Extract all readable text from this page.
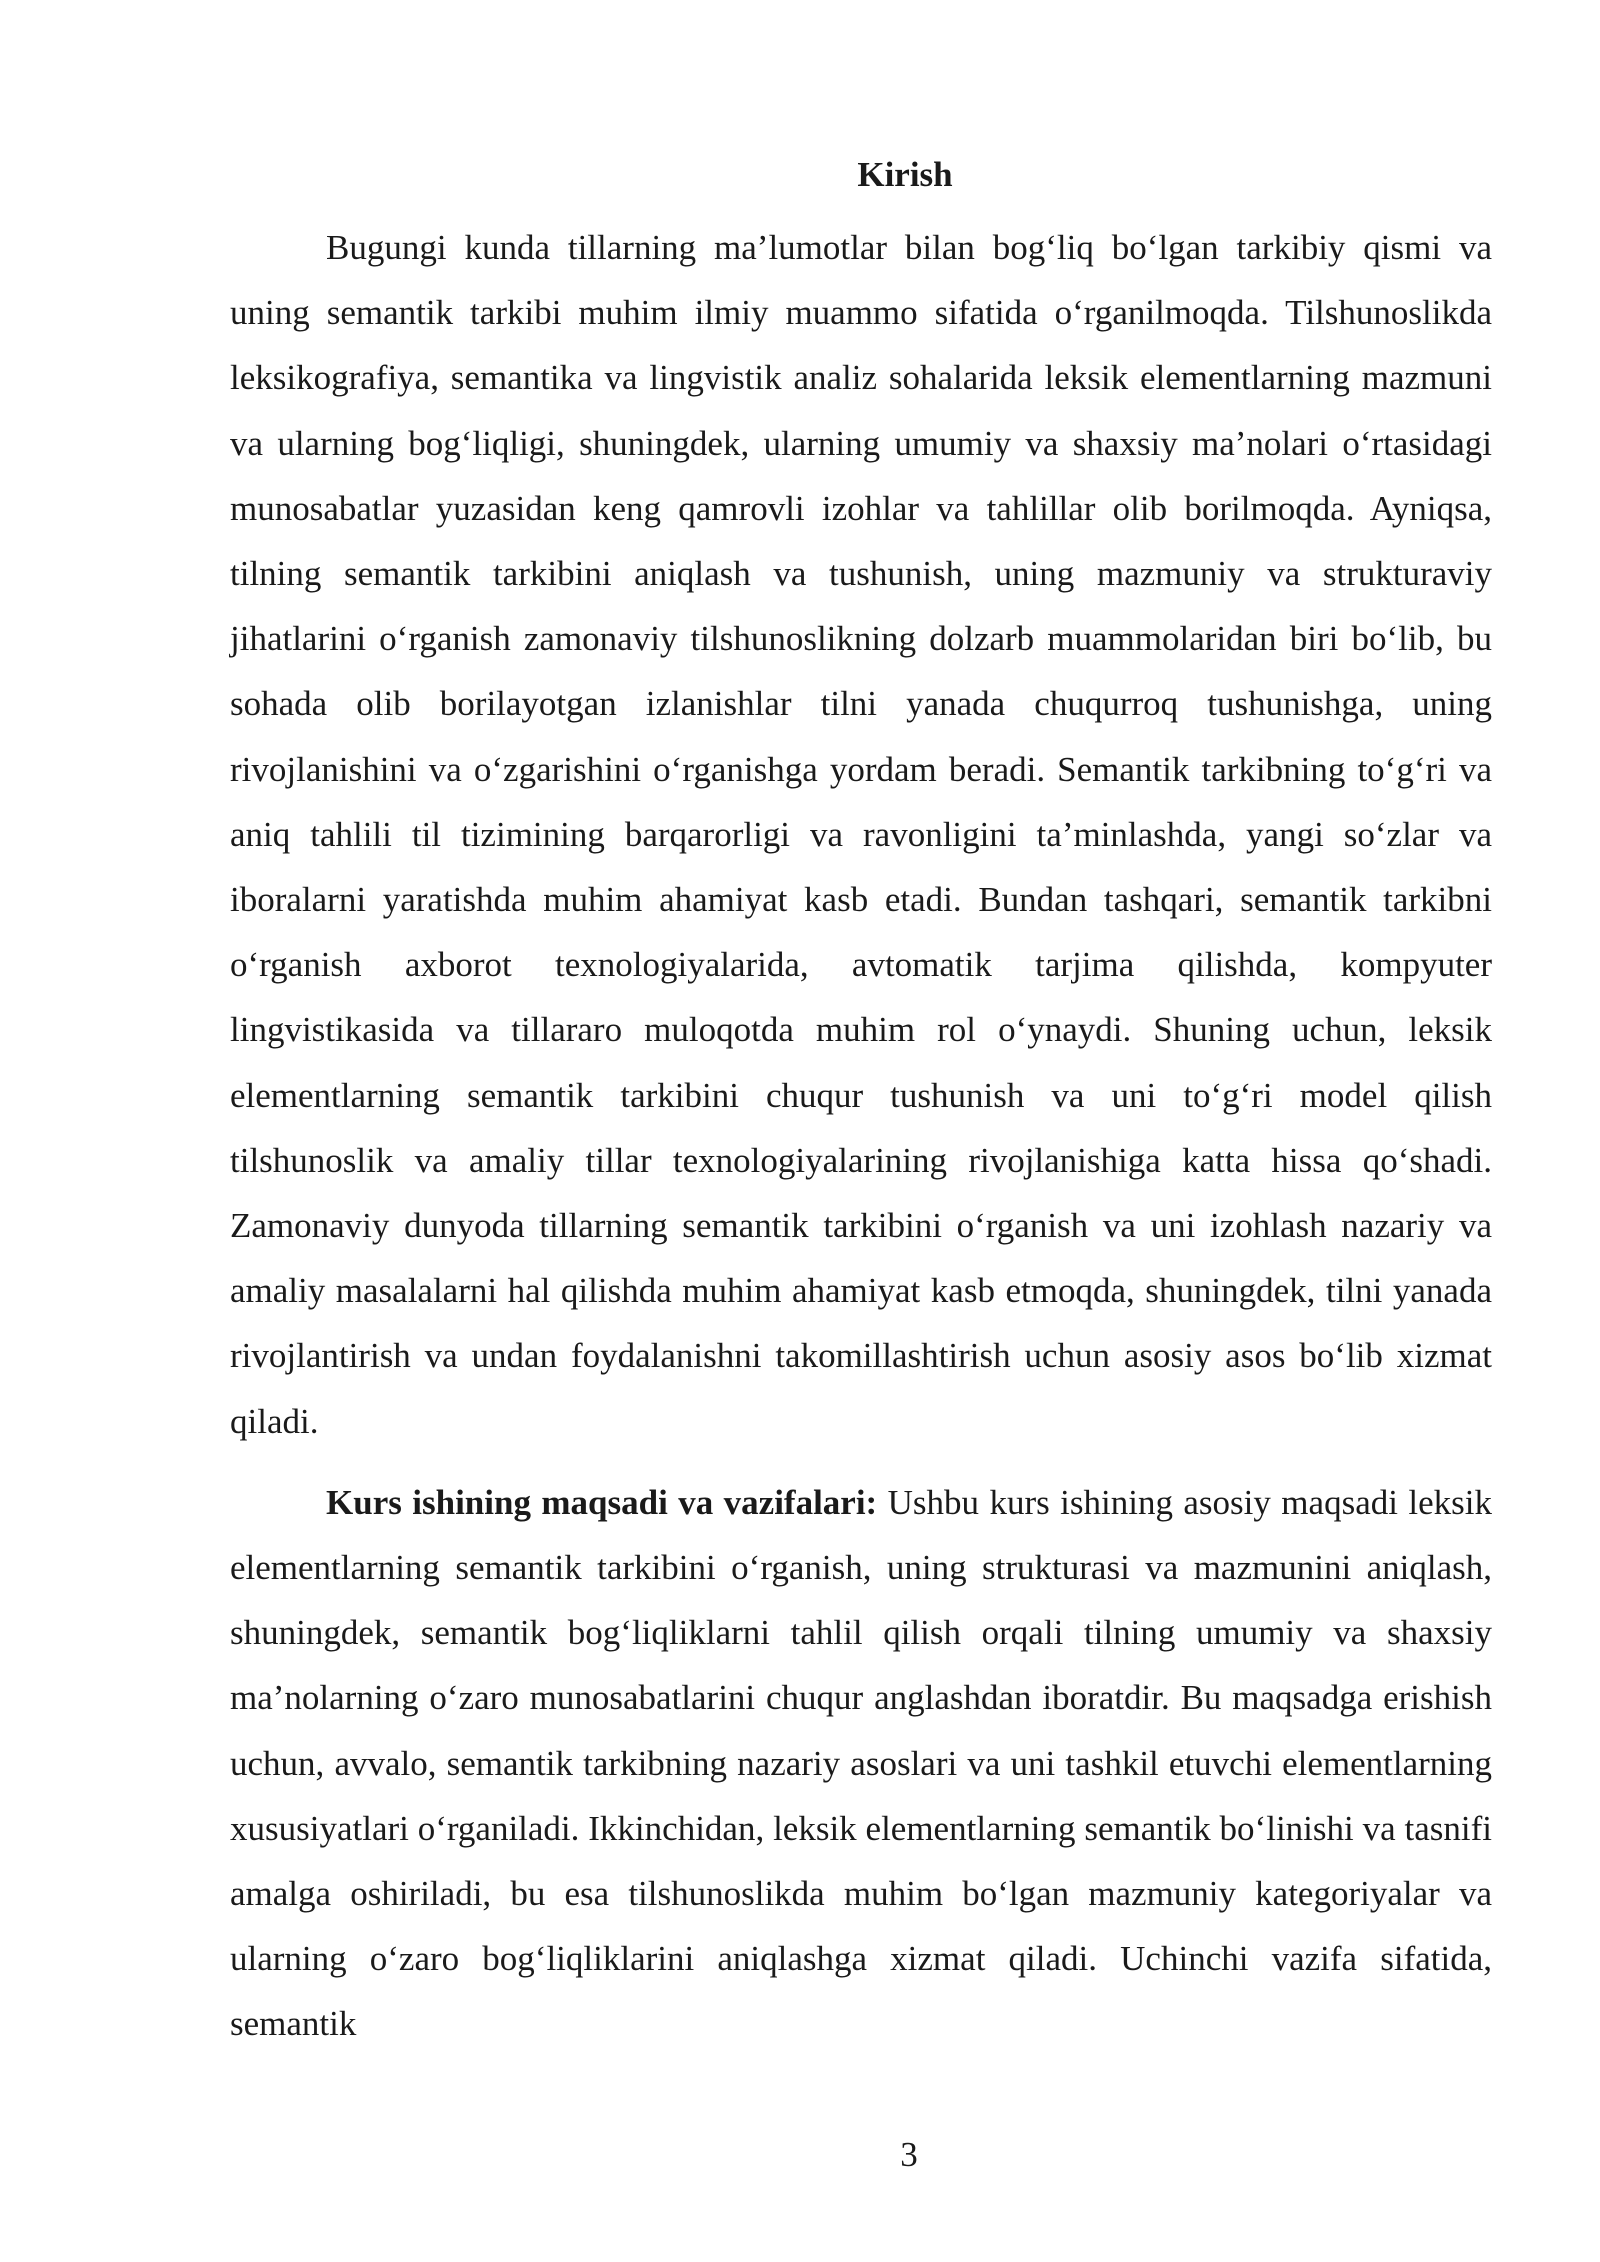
Kirish

Bugungi kunda tillarning ma’lumotlar bilan bog‘liq bo‘lgan tarkibiy qismi va uning semantik tarkibi muhim ilmiy muammo sifatida o‘rganilmoqda. Tilshunoslikda leksikografiya, semantika va lingvistik analiz sohalarida leksik elementlarning mazmuni va ularning bog‘liqligi, shuningdek, ularning umumiy va shaxsiy ma’nolari o‘rtasidagi munosabatlar yuzasidan keng qamrovli izohlar va tahlillar olib borilmoqda. Ayniqsa, tilning semantik tarkibini aniqlash va tushunish, uning mazmuniy va strukturaviy jihatlarini o‘rganish zamonaviy tilshunoslikning dolzarb muammolaridan biri bo‘lib, bu sohada olib borilayotgan izlanishlar tilni yanada chuqurroq tushunishga, uning rivojlanishini va o‘zgarishini o‘rganishga yordam beradi. Semantik tarkibning to‘g‘ri va aniq tahlili til tizimining barqarorligi va ravonligini ta’minlashda, yangi so‘zlar va iboralarni yaratishda muhim ahamiyat kasb etadi. Bundan tashqari, semantik tarkibni o‘rganish axborot texnologiyalarida, avtomatik tarjima qilishda, kompyuter lingvistikasida va tillararo muloqotda muhim rol o‘ynaydi. Shuning uchun, leksik elementlarning semantik tarkibini chuqur tushunish va uni to‘g‘ri model qilish tilshunoslik va amaliy tillar texnologiyalarining rivojlanishiga katta hissa qo‘shadi. Zamonaviy dunyoda tillarning semantik tarkibini o‘rganish va uni izohlash nazariy va amaliy masalalarni hal qilishda muhim ahamiyat kasb etmoqda, shuningdek, tilni yanada rivojlantirish va undan foydalanishni takomillashtirish uchun asosiy asos bo‘lib xizmat qiladi.

Kurs ishining maqsadi va vazifalari: Ushbu kurs ishining asosiy maqsadi leksik elementlarning semantik tarkibini o‘rganish, uning strukturasi va mazmunini aniqlash, shuningdek, semantik bog‘liqliklarni tahlil qilish orqali tilning umumiy va shaxsiy ma’nolarning o‘zaro munosabatlarini chuqur anglashdan iboratdir. Bu maqsadga erishish uchun, avvalo, semantik tarkibning nazariy asoslari va uni tashkil etuvchi elementlarning xususiyatlari o‘rganiladi. Ikkinchidan, leksik elementlarning semantik bo‘linishi va tasnifi amalga oshiriladi, bu esa tilshunoslikda muhim bo‘lgan mazmuniy kategoriyalar va ularning o‘zaro bog‘liqliklarini aniqlashga xizmat qiladi. Uchinchi vazifa sifatida, semantik

3
